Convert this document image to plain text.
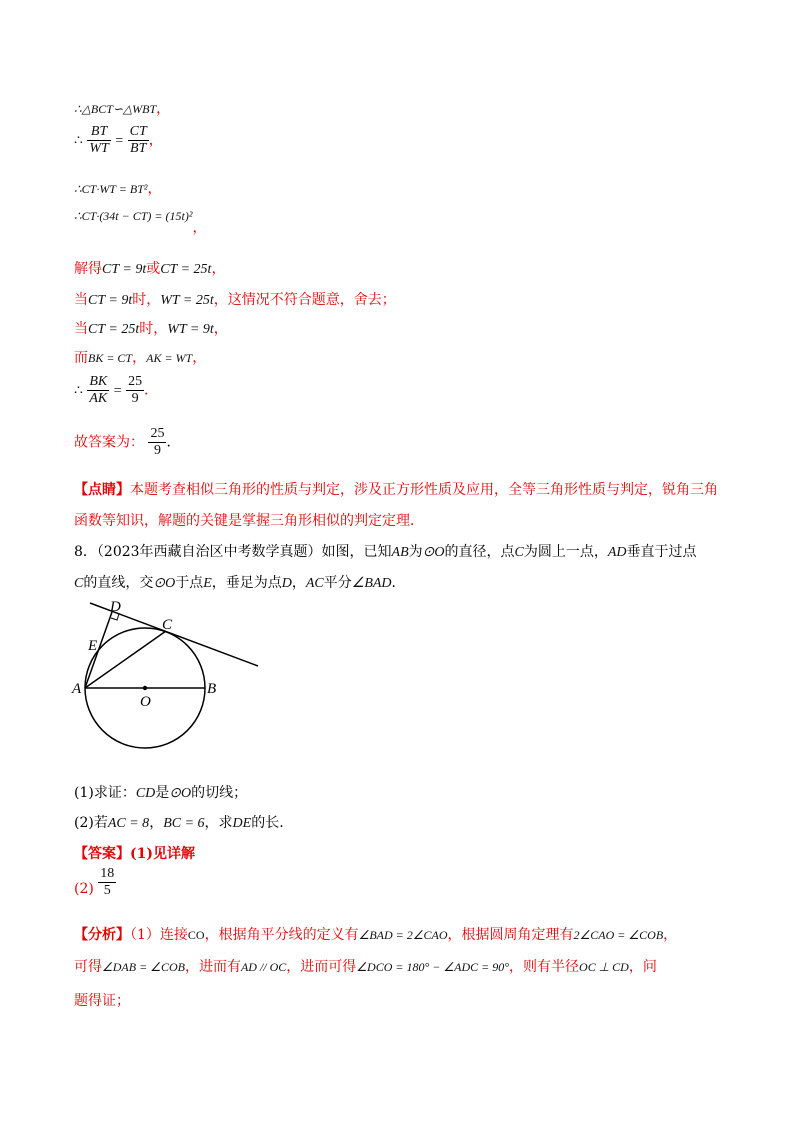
∴△BCT∽△WBT，
∴ $\frac{BT}{WT} = \frac{CT}{BT}$ ，
∴CT·WT = BT²，
∴CT·(34t − CT) = (15t)²，
解得CT = 9t或CT = 25t，
当CT = 9t时，WT = 25t，这情况不符合题意，舍去；
当CT = 25t时，WT = 9t，
而BK = CT，AK = WT，
∴ $\frac{BK}{AK} = \frac{25}{9}$ ．
故答案为： $\frac{25}{9}$ ．
【点睛】本题考查相似三角形的性质与判定，涉及正方形性质及应用，全等三角形性质与判定，锐角三角
函数等知识，解题的关键是掌握三角形相似的判定定理．
8．（2023年西藏自治区中考数学真题）如图，已知AB为⊙O的直径，点C为圆上一点，AD垂直于过点
C的直线，交⊙O于点E，垂足为点D，AC平分∠BAD．
D
C
E
A	B
O
(1)求证：CD是⊙O的切线；
(2)若AC = 8，BC = 6，求DE的长.
【答案】(1)见详解
$(2) \frac{18}{5}$
【分析】（1）连接CO，根据角平分线的定义有∠BAD = 2∠CAO，根据圆周角定理有2∠CAO = ∠COB，
可得∠DAB = ∠COB，进而有AD // OC，进而可得∠DCO = 180° − ∠ADC = 90°，则有半径OC ⊥ CD，问
题得证；
